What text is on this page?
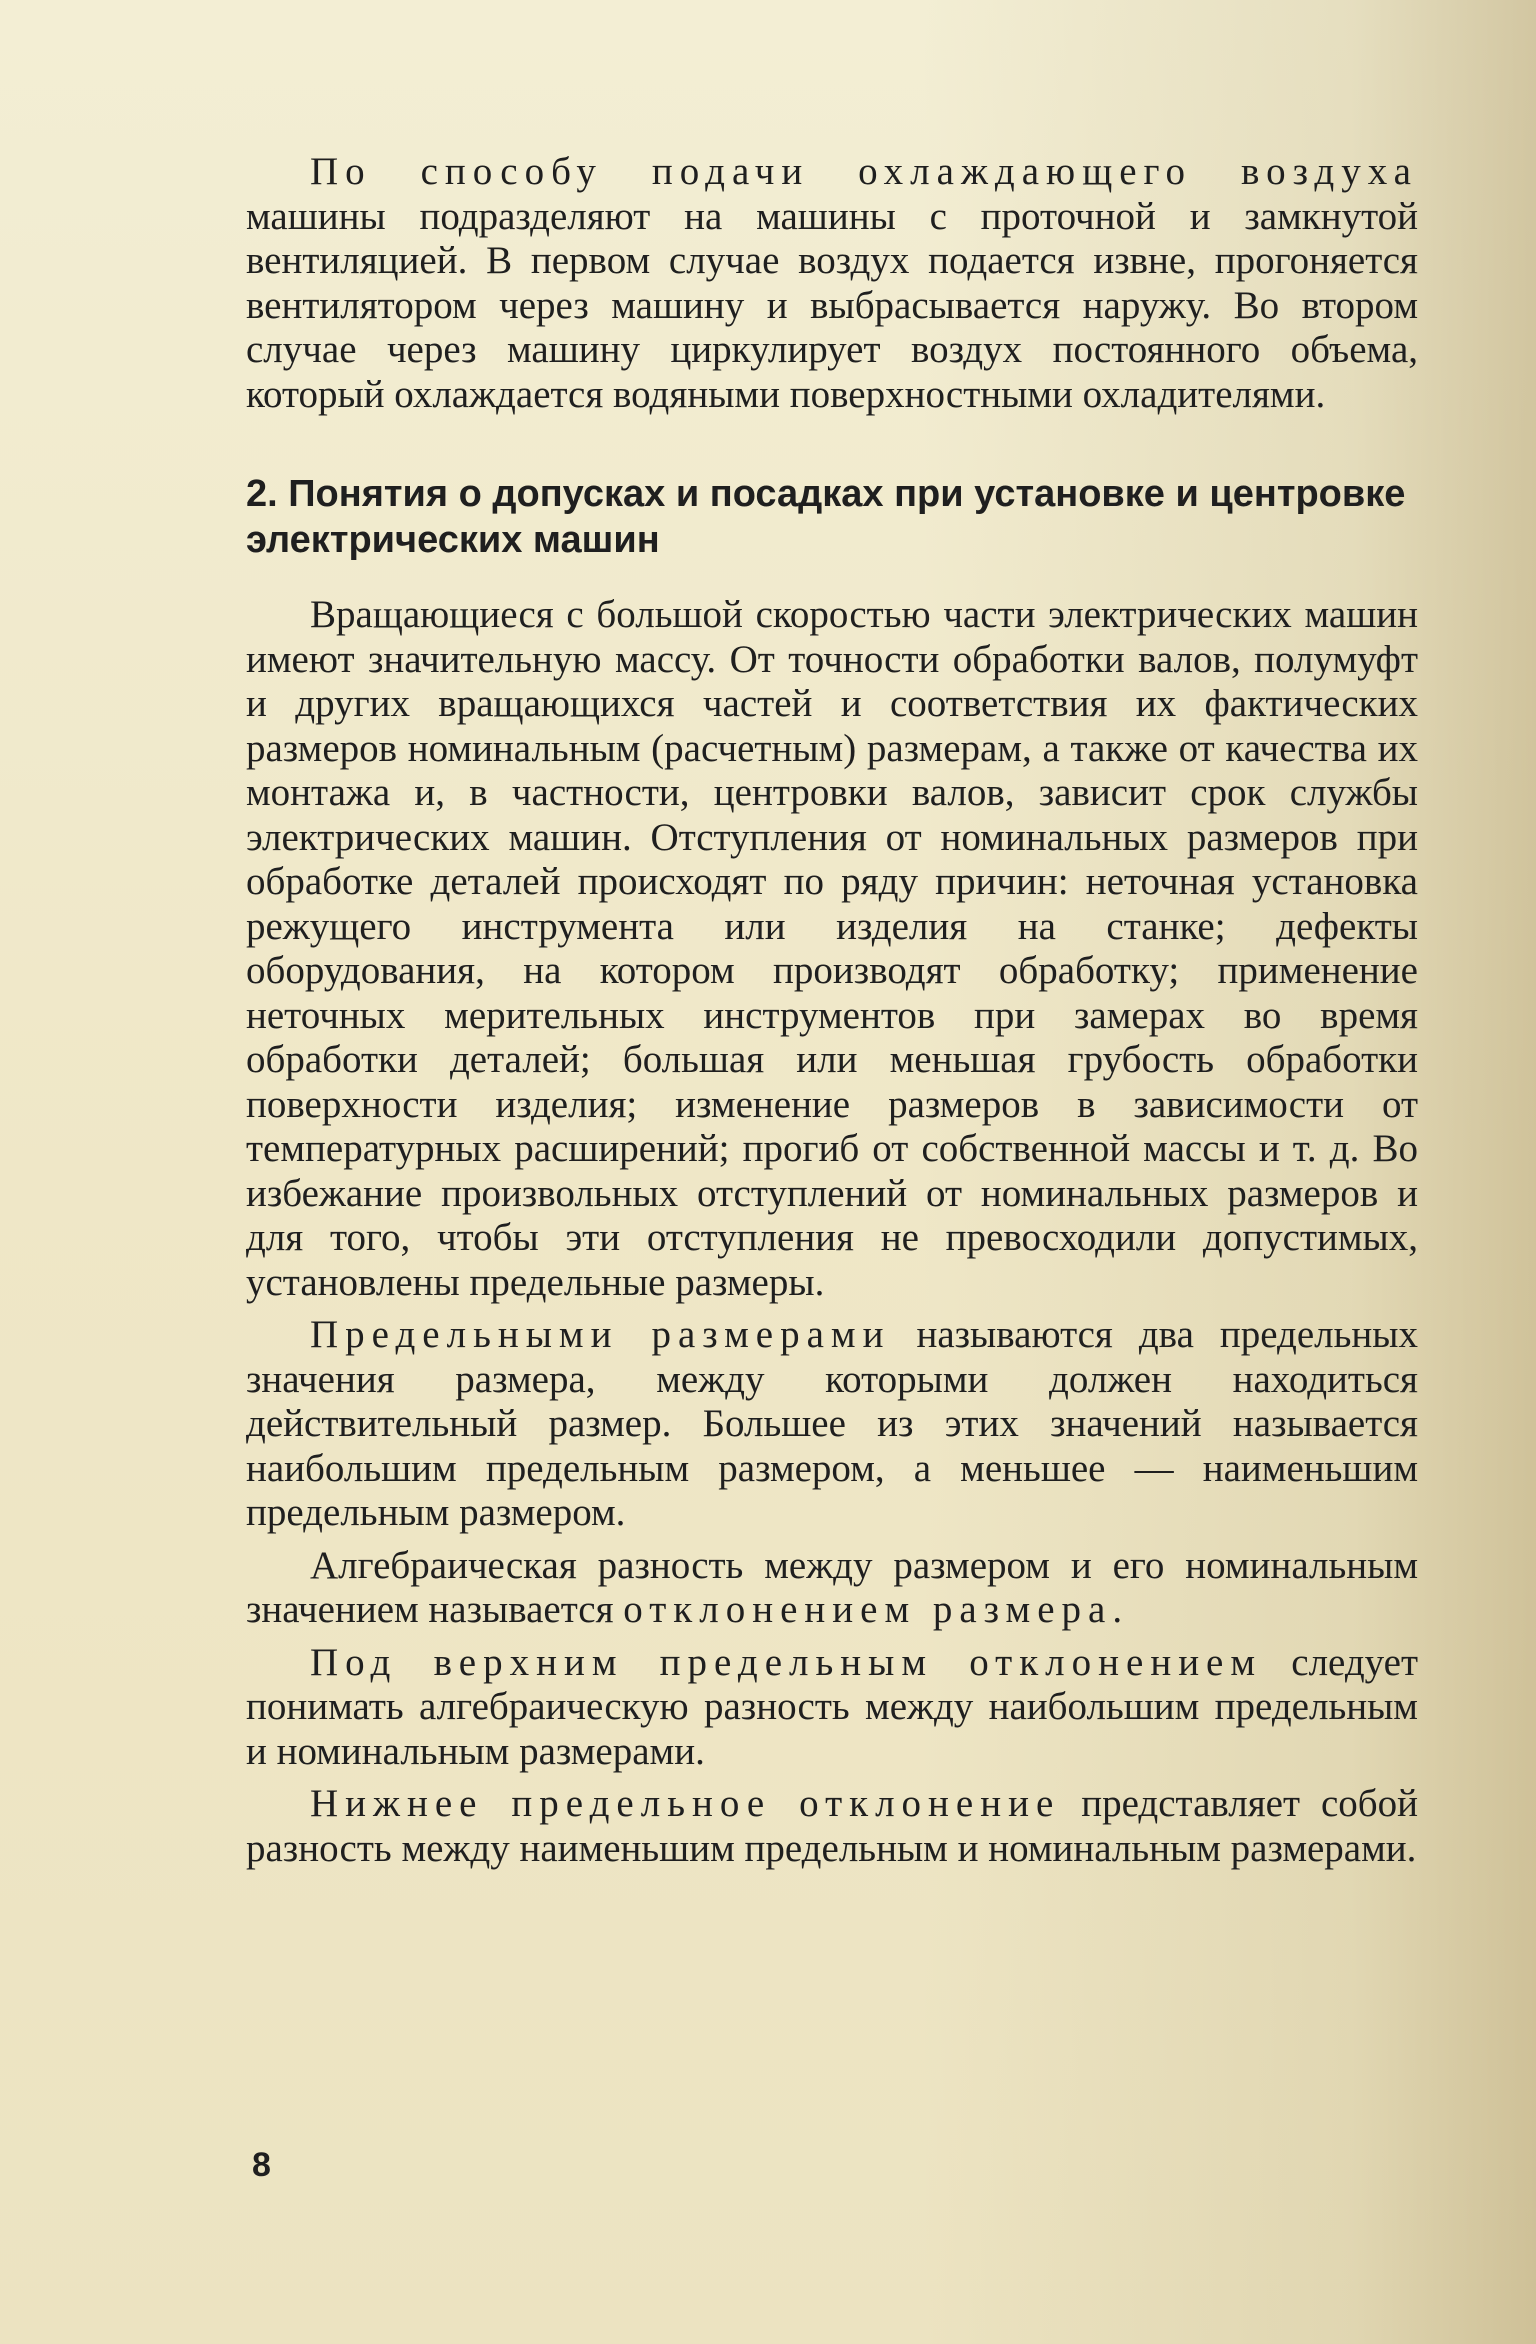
По способу подачи охлаждающего воздуха машины подразделяют на машины с проточной и замкнутой вентиляцией. В первом случае воздух подается извне, прогоняется вентилятором через машину и выбрасывается наружу. Во втором случае через машину циркулирует воздух постоянного объема, который охлаждается водяными поверхностными охладителями.

2. Понятия о допусках и посадках при установке и центровке электрических машин

Вращающиеся с большой скоростью части электрических машин имеют значительную массу. От точности обработки валов, полумуфт и других вращающихся частей и соответствия их фактических размеров номинальным (расчетным) размерам, а также от качества их монтажа и, в частности, центровки валов, зависит срок службы электрических машин. Отступления от номинальных размеров при обработке деталей происходят по ряду причин: неточная установка режущего инструмента или изделия на станке; дефекты оборудования, на котором производят обработку; применение неточных мерительных инструментов при замерах во время обработки деталей; большая или меньшая грубость обработки поверхности изделия; изменение размеров в зависимости от температурных расширений; прогиб от собственной массы и т. д. Во избежание произвольных отступлений от номинальных размеров и для того, чтобы эти отступления не превосходили допустимых, установлены предельные размеры.

Предельными размерами называются два предельных значения размера, между которыми должен находиться действительный размер. Большее из этих значений называется наибольшим предельным размером, а меньшее — наименьшим предельным размером.

Алгебраическая разность между размером и его номинальным значением называется отклонением размера.

Под верхним предельным отклонением следует понимать алгебраическую разность между наибольшим предельным и номинальным размерами.

Нижнее предельное отклонение представляет собой разность между наименьшим предельным и номинальным размерами.

8
